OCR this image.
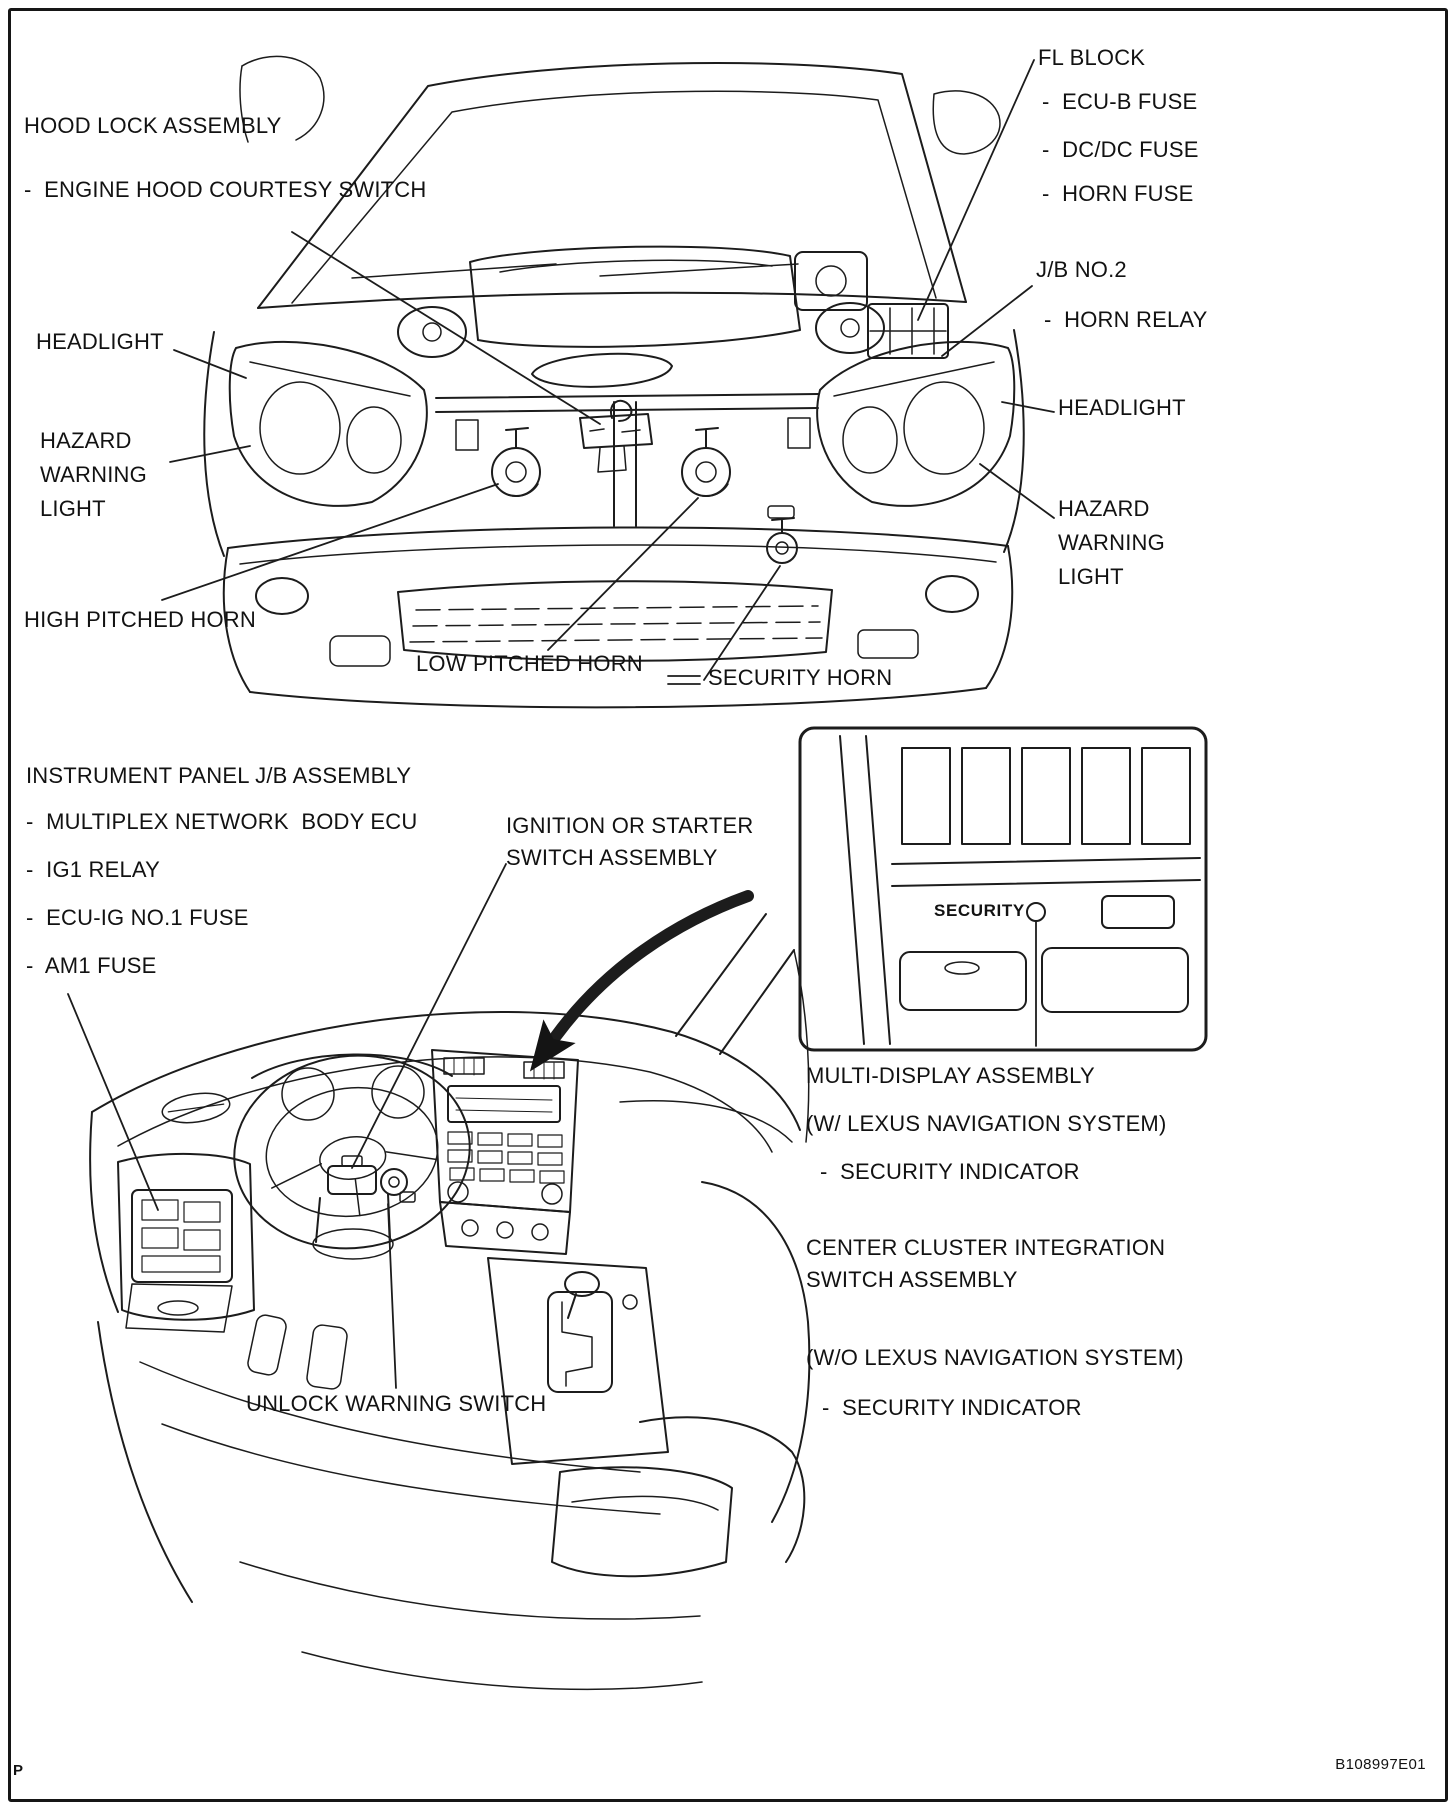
HOOD LOCK ASSEMBLY
-  ENGINE HOOD COURTESY SWITCH
FL BLOCK
-  ECU-B FUSE
-  DC/DC FUSE
-  HORN FUSE
J/B NO.2
-  HORN RELAY
HEADLIGHT
HAZARD WARNING LIGHT
HEADLIGHT
HAZARD WARNING LIGHT
HIGH PITCHED HORN
LOW PITCHED HORN
SECURITY HORN
INSTRUMENT PANEL J/B ASSEMBLY
-  MULTIPLEX NETWORK  BODY ECU
-  IG1 RELAY
-  ECU-IG NO.1 FUSE
-  AM1 FUSE
IGNITION OR STARTER SWITCH ASSEMBLY
SECURITY
MULTI-DISPLAY ASSEMBLY
(W/ LEXUS NAVIGATION SYSTEM)
-  SECURITY INDICATOR
CENTER CLUSTER INTEGRATION SWITCH ASSEMBLY
(W/O LEXUS NAVIGATION SYSTEM)
-  SECURITY INDICATOR
UNLOCK WARNING SWITCH
B108997E01
P
